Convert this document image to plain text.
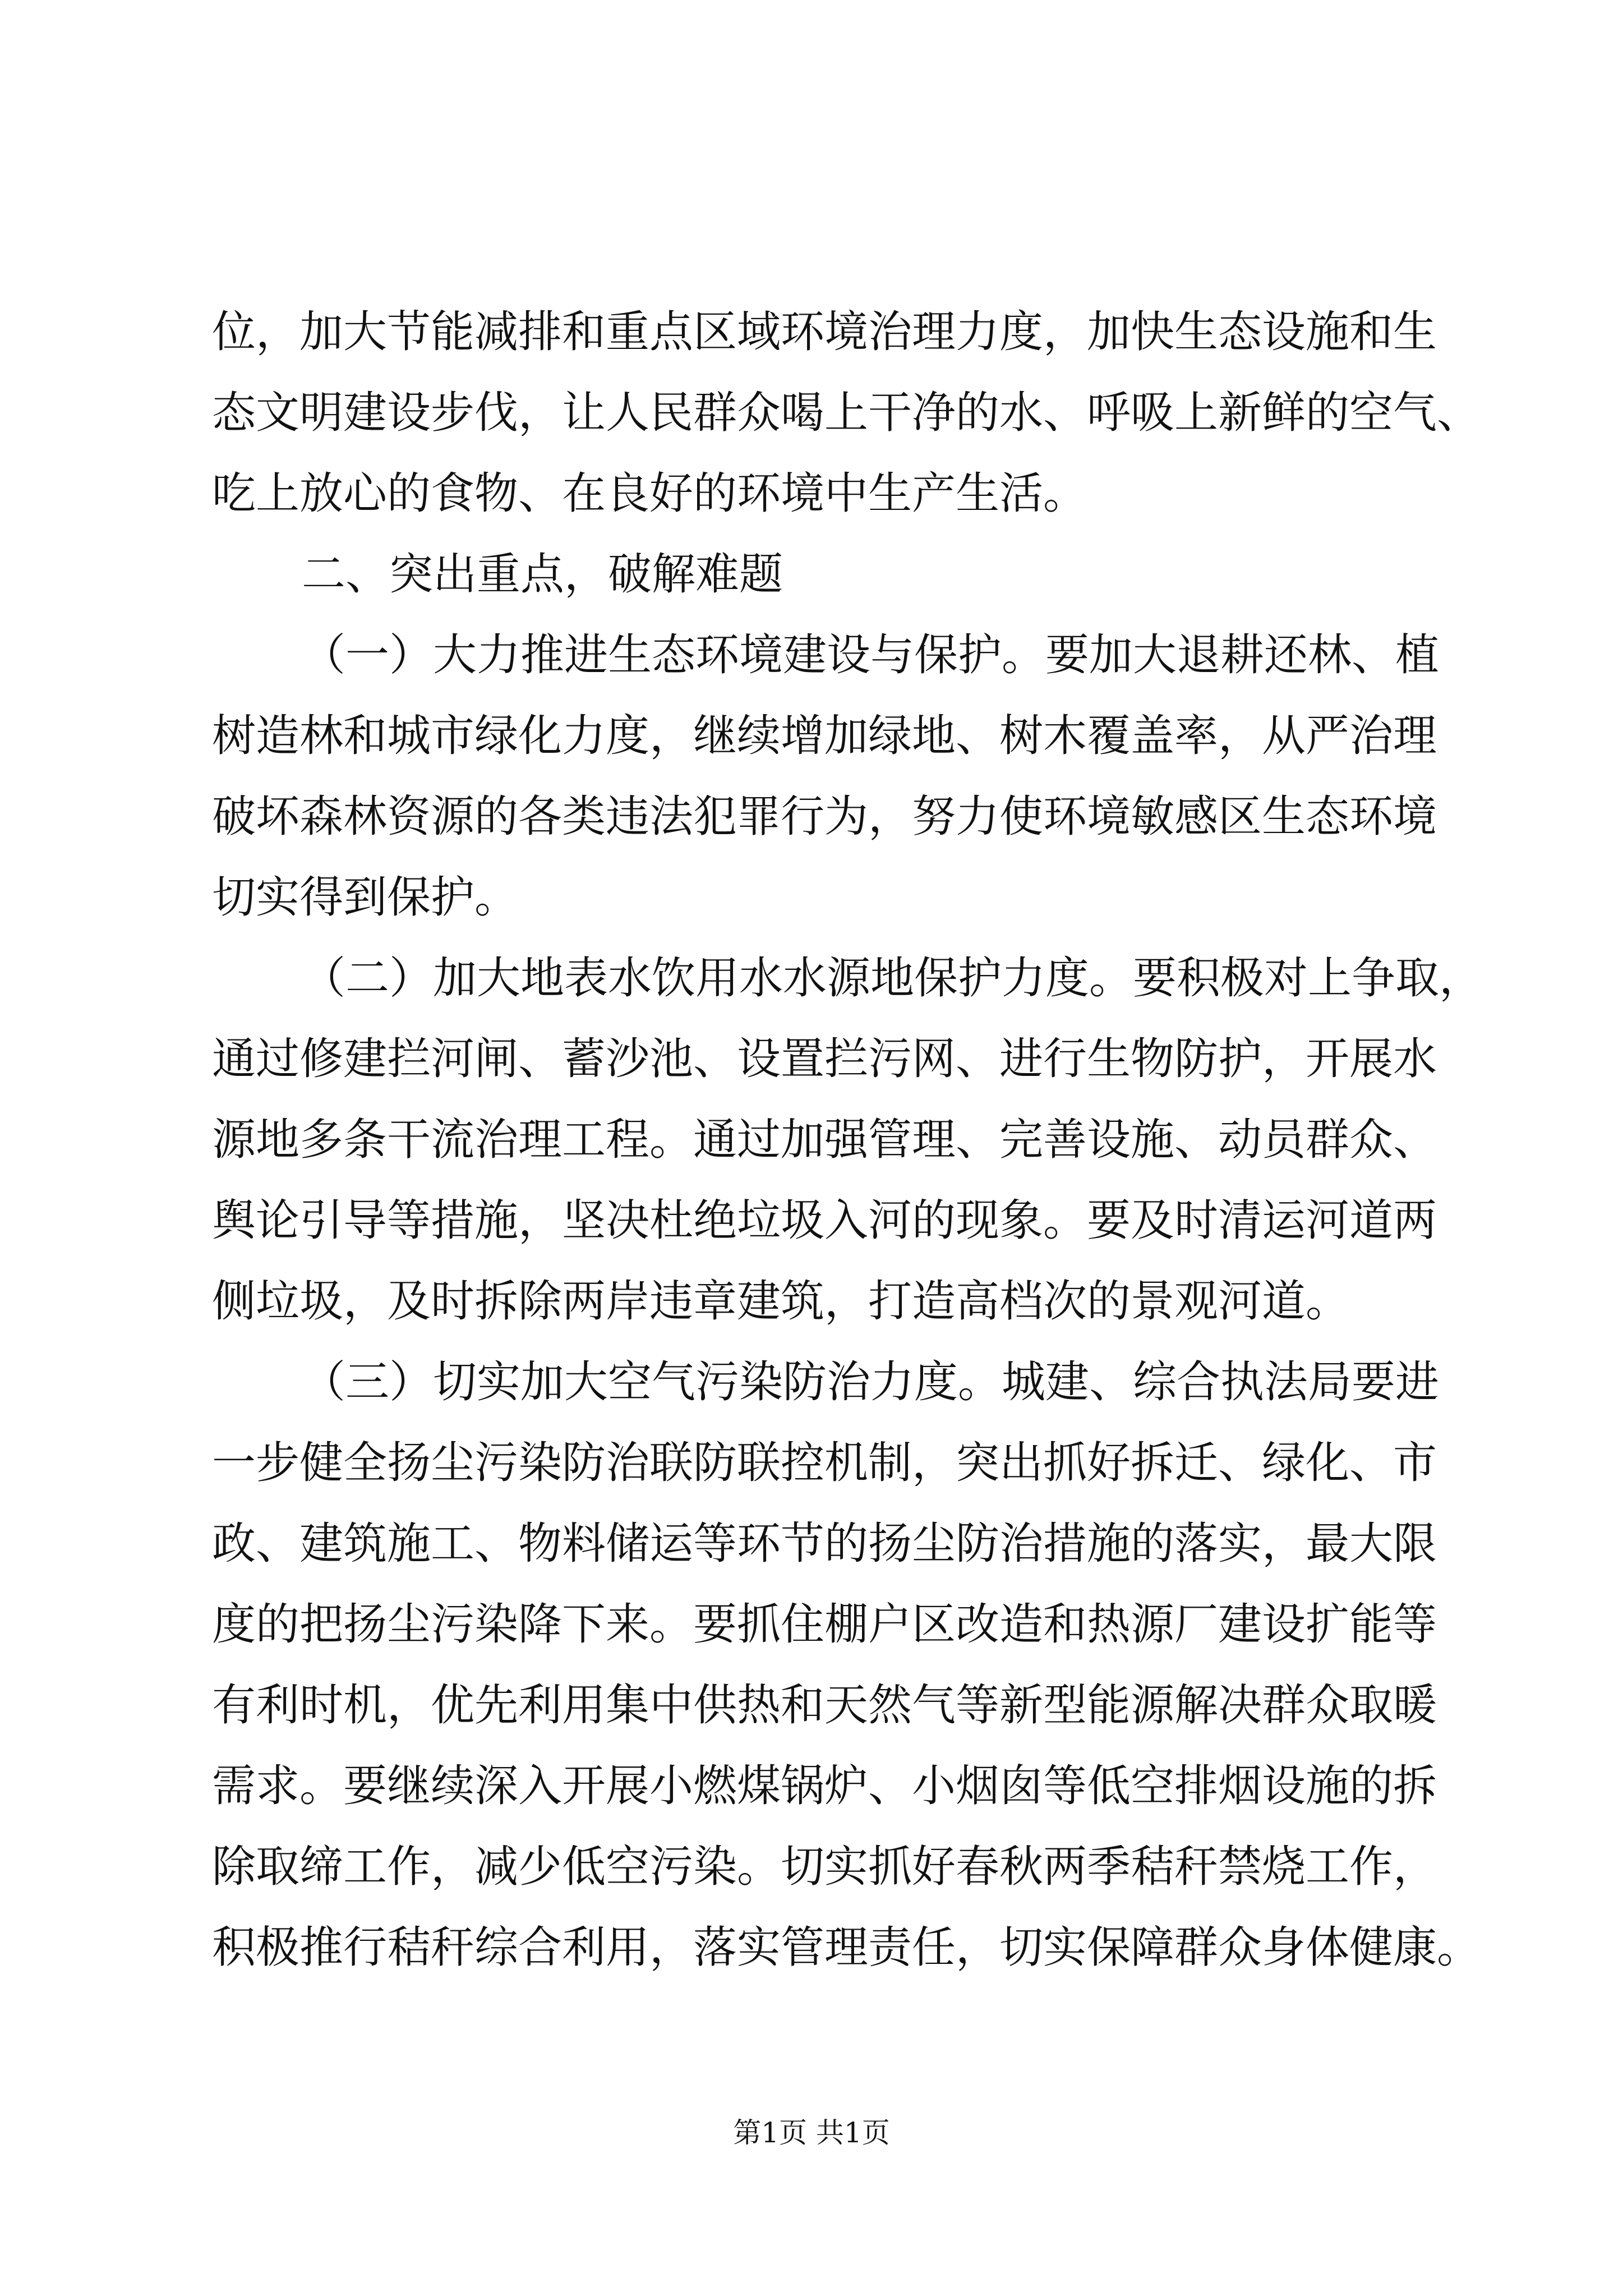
位，加大节能减排和重点区域环境治理力度，加快生态设施和生
态文明建设步伐，让人民群众喝上干净的水、呼吸上新鲜的空气、
吃上放心的食物、在良好的环境中生产生活。
二、突出重点，破解难题
（一）大力推进生态环境建设与保护。要加大退耕还林、植
树造林和城市绿化力度，继续增加绿地、树木覆盖率，从严治理
破坏森林资源的各类违法犯罪行为，努力使环境敏感区生态环境
切实得到保护。
（二）加大地表水饮用水水源地保护力度。要积极对上争取，
通过修建拦河闸、蓄沙池、设置拦污网、进行生物防护，开展水
源地多条干流治理工程。通过加强管理、完善设施、动员群众、
舆论引导等措施，坚决杜绝垃圾入河的现象。要及时清运河道两
侧垃圾，及时拆除两岸违章建筑，打造高档次的景观河道。
（三）切实加大空气污染防治力度。城建、综合执法局要进
一步健全扬尘污染防治联防联控机制，突出抓好拆迁、绿化、市
政、建筑施工、物料储运等环节的扬尘防治措施的落实，最大限
度的把扬尘污染降下来。要抓住棚户区改造和热源厂建设扩能等
有利时机，优先利用集中供热和天然气等新型能源解决群众取暖
需求。要继续深入开展小燃煤锅炉、小烟囱等低空排烟设施的拆
除取缔工作，减少低空污染。切实抓好春秋两季秸秆禁烧工作，
积极推行秸秆综合利用，落实管理责任，切实保障群众身体健康。
第1页 共1页
